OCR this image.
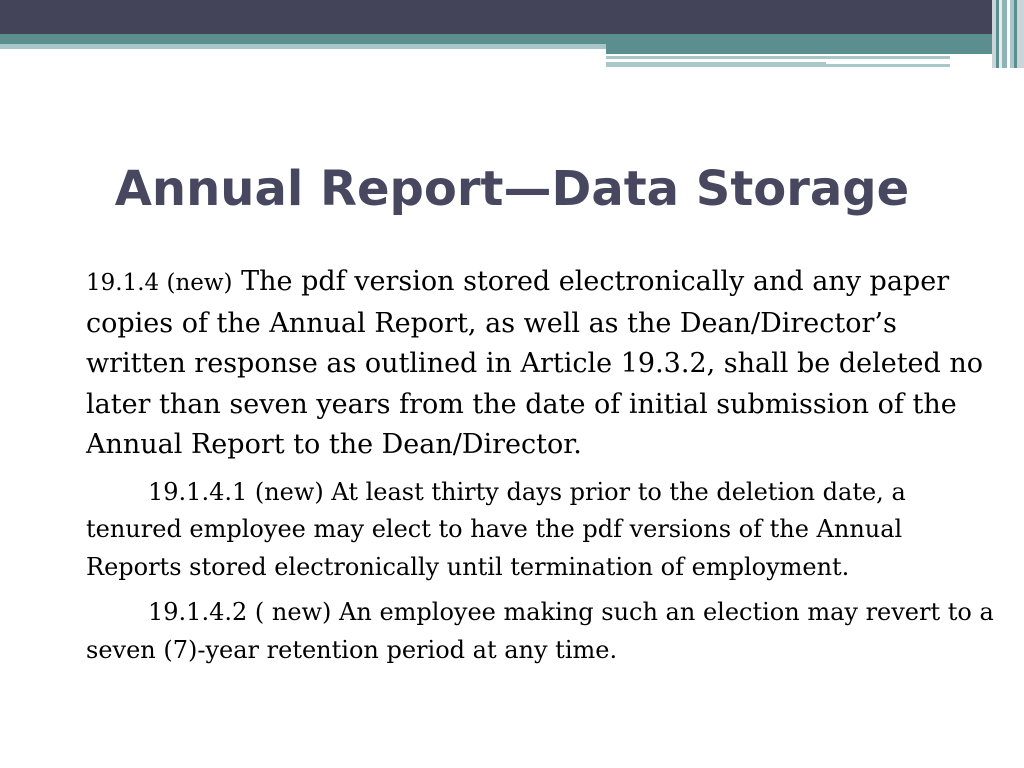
Annual Report—Data Storage

19.1.4 (new) The pdf version stored electronically and any paper copies of the Annual Report, as well as the Dean/Director’s written response as outlined in Article 19.3.2, shall be deleted no later than seven years from the date of initial submission of the Annual Report to the Dean/Director.

19.1.4.1 (new) At least thirty days prior to the deletion date, a tenured employee may elect to have the pdf versions of the Annual Reports stored electronically until termination of employment.

19.1.4.2 ( new) An employee making such an election may revert to a seven (7)-year retention period at any time.
